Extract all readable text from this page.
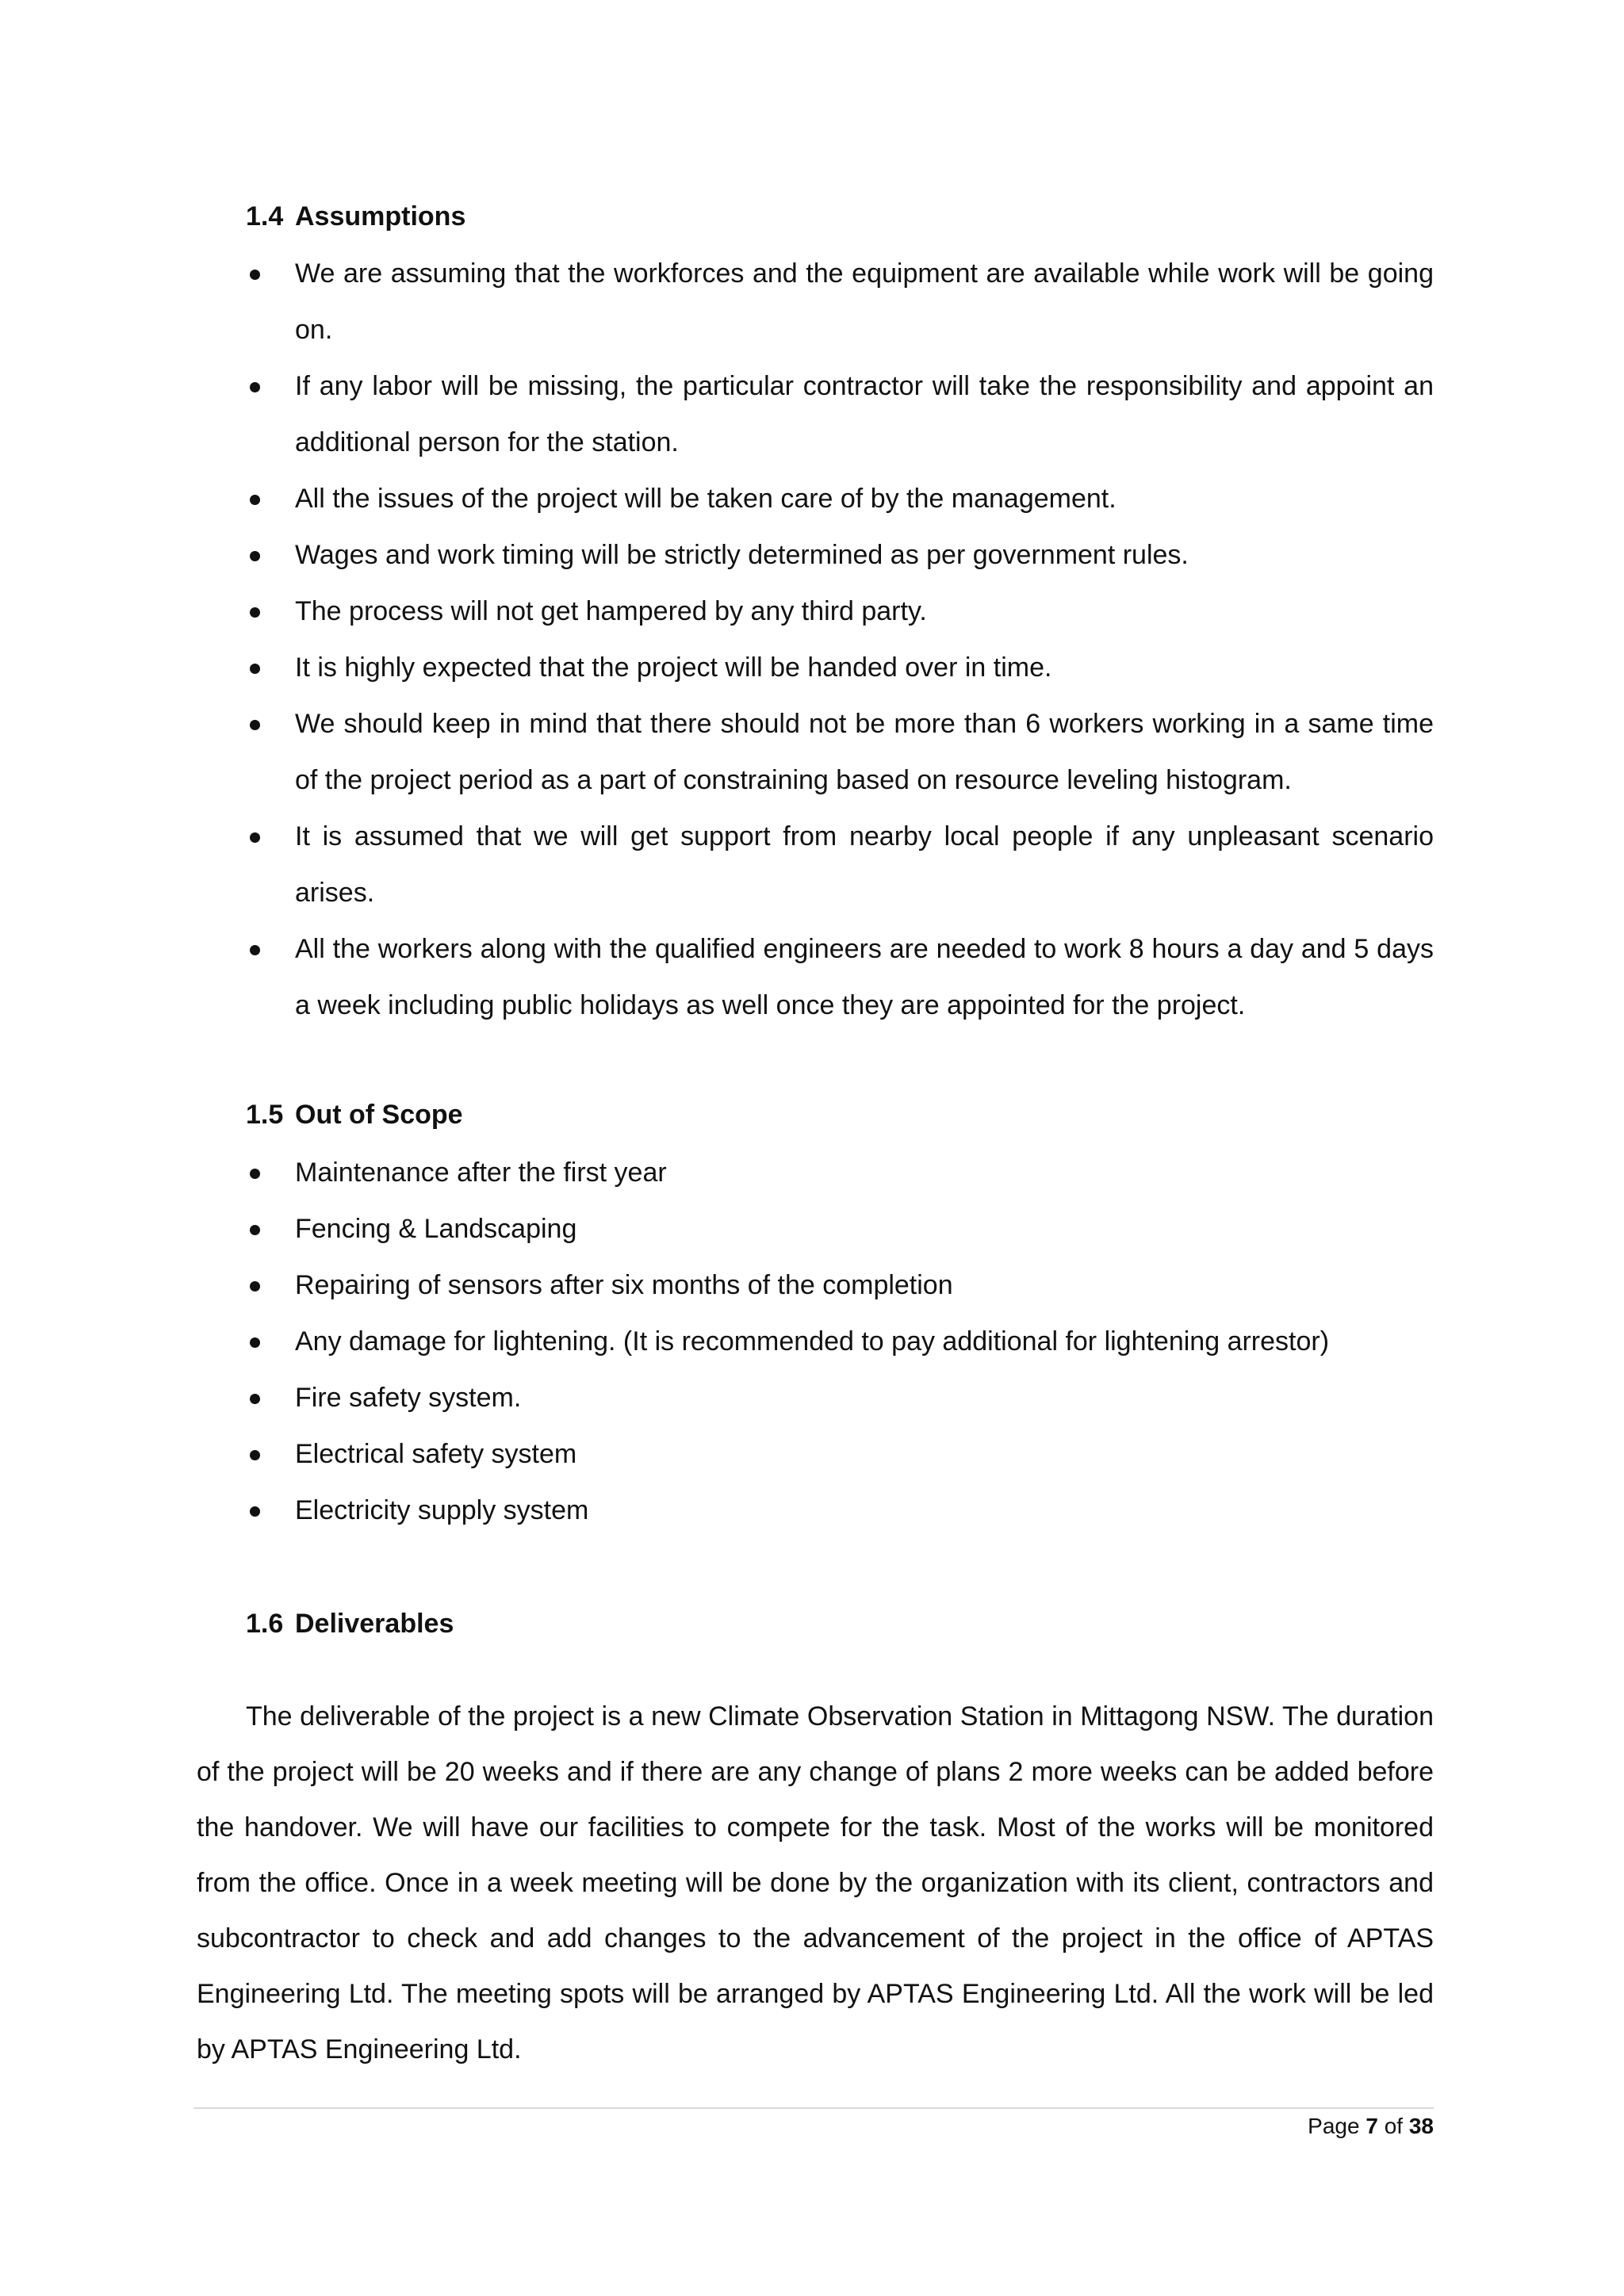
1.4 Assumptions
We are assuming that the workforces and the equipment are available while work will be going on.
If any labor will be missing, the particular contractor will take the responsibility and appoint an additional person for the station.
All the issues of the project will be taken care of by the management.
Wages and work timing will be strictly determined as per government rules.
The process will not get hampered by any third party.
It is highly expected that the project will be handed over in time.
We should keep in mind that there should not be more than 6 workers working in a same time of the project period as a part of constraining based on resource leveling histogram.
It is assumed that we will get support from nearby local people if any unpleasant scenario arises.
All the workers along with the qualified engineers are needed to work 8 hours a day and 5 days a week including public holidays as well once they are appointed for the project.
1.5 Out of Scope
Maintenance after the first year
Fencing & Landscaping
Repairing of sensors after six months of the completion
Any damage for lightening. (It is recommended to pay additional for lightening arrestor)
Fire safety system.
Electrical safety system
Electricity supply system
1.6 Deliverables

The deliverable of the project is a new Climate Observation Station in Mittagong NSW. The duration of the project will be 20 weeks and if there are any change of plans 2 more weeks can be added before the handover. We will have our facilities to compete for the task. Most of the works will be monitored from the office. Once in a week meeting will be done by the organization with its client, contractors and subcontractor to check and add changes to the advancement of the project in the office of APTAS Engineering Ltd. The meeting spots will be arranged by APTAS Engineering Ltd. All the work will be led by APTAS Engineering Ltd.

Page 7 of 38
